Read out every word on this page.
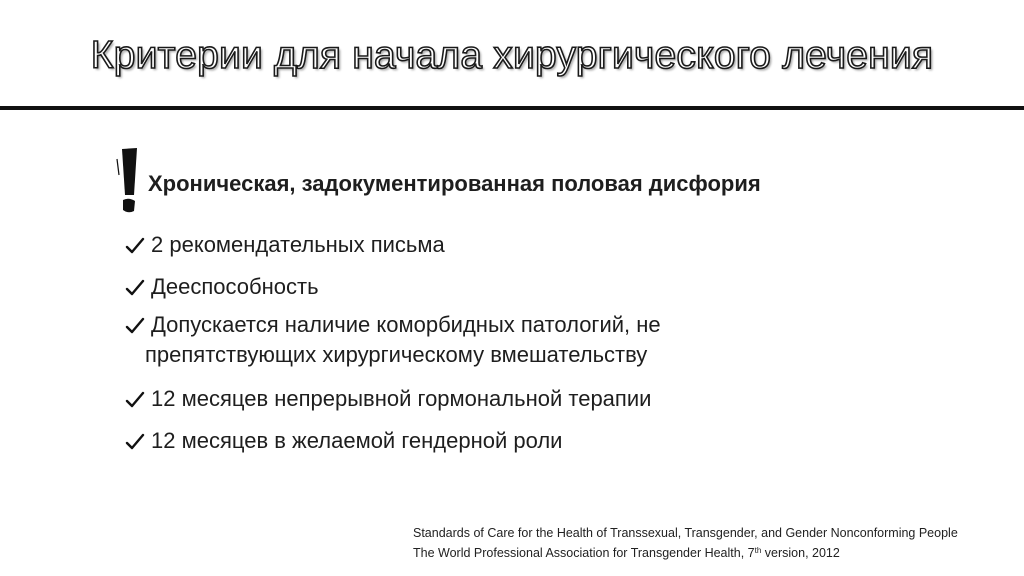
Критерии для начала хирургического лечения
Хроническая, задокументированная половая дисфория
2 рекомендательных письма
Дееспособность
Допускается наличие коморбидных патологий, не
препятствующих хирургическому вмешательству
12 месяцев непрерывной гормональной терапии
12 месяцев в желаемой гендерной роли
Standards of Care for the Health of Transsexual, Transgender, and Gender Nonconforming People
The World Professional Association for Transgender Health, 7th version, 2012
